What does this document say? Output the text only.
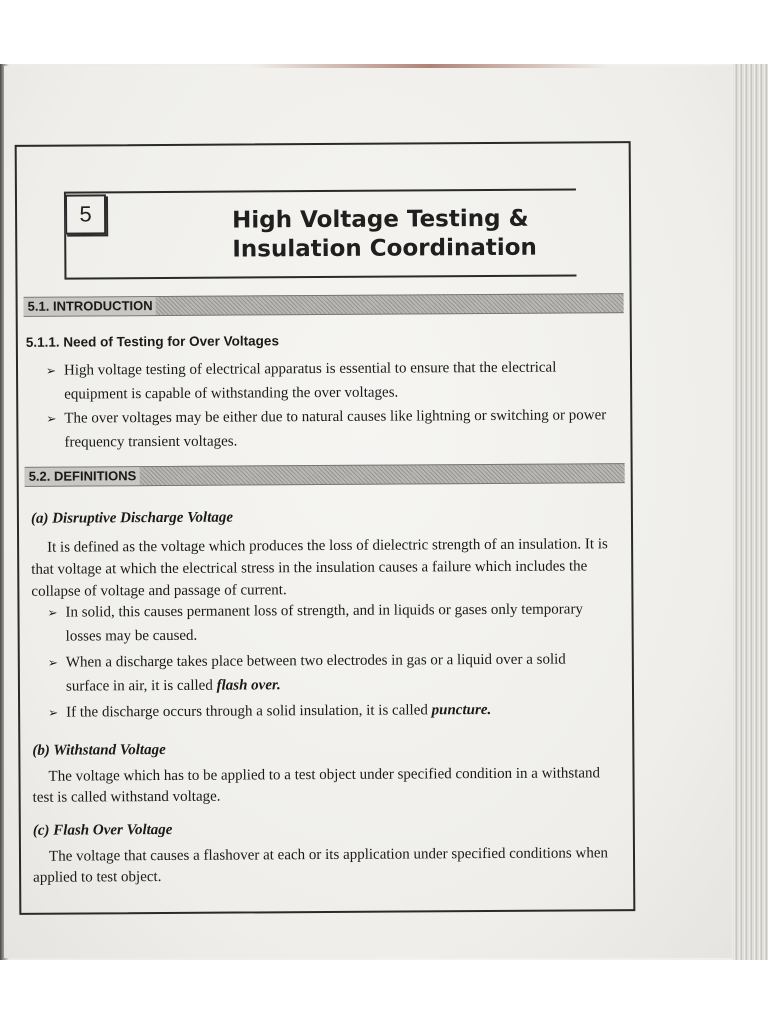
5	High Voltage Testing &
Insulation Coordination
5.1. INTRODUCTION
5.1.1. Need of Testing for Over Voltages
➢ High voltage testing of electrical apparatus is essential to ensure that the electrical equipment is capable of withstanding the over voltages.
➢ The over voltages may be either due to natural causes like lightning or switching or power frequency transient voltages.
5.2. DEFINITIONS
(a) Disruptive Discharge Voltage
It is defined as the voltage which produces the loss of dielectric strength of an insulation. It is that voltage at which the electrical stress in the insulation causes a failure which includes the collapse of voltage and passage of current.
➢ In solid, this causes permanent loss of strength, and in liquids or gases only temporary losses may be caused.
➢ When a discharge takes place between two electrodes in gas or a liquid over a solid surface in air, it is called flash over.
➢ If the discharge occurs through a solid insulation, it is called puncture.
(b) Withstand Voltage
The voltage which has to be applied to a test object under specified condition in a withstand test is called withstand voltage.
(c) Flash Over Voltage
The voltage that causes a flashover at each or its application under specified conditions when applied to test object.
